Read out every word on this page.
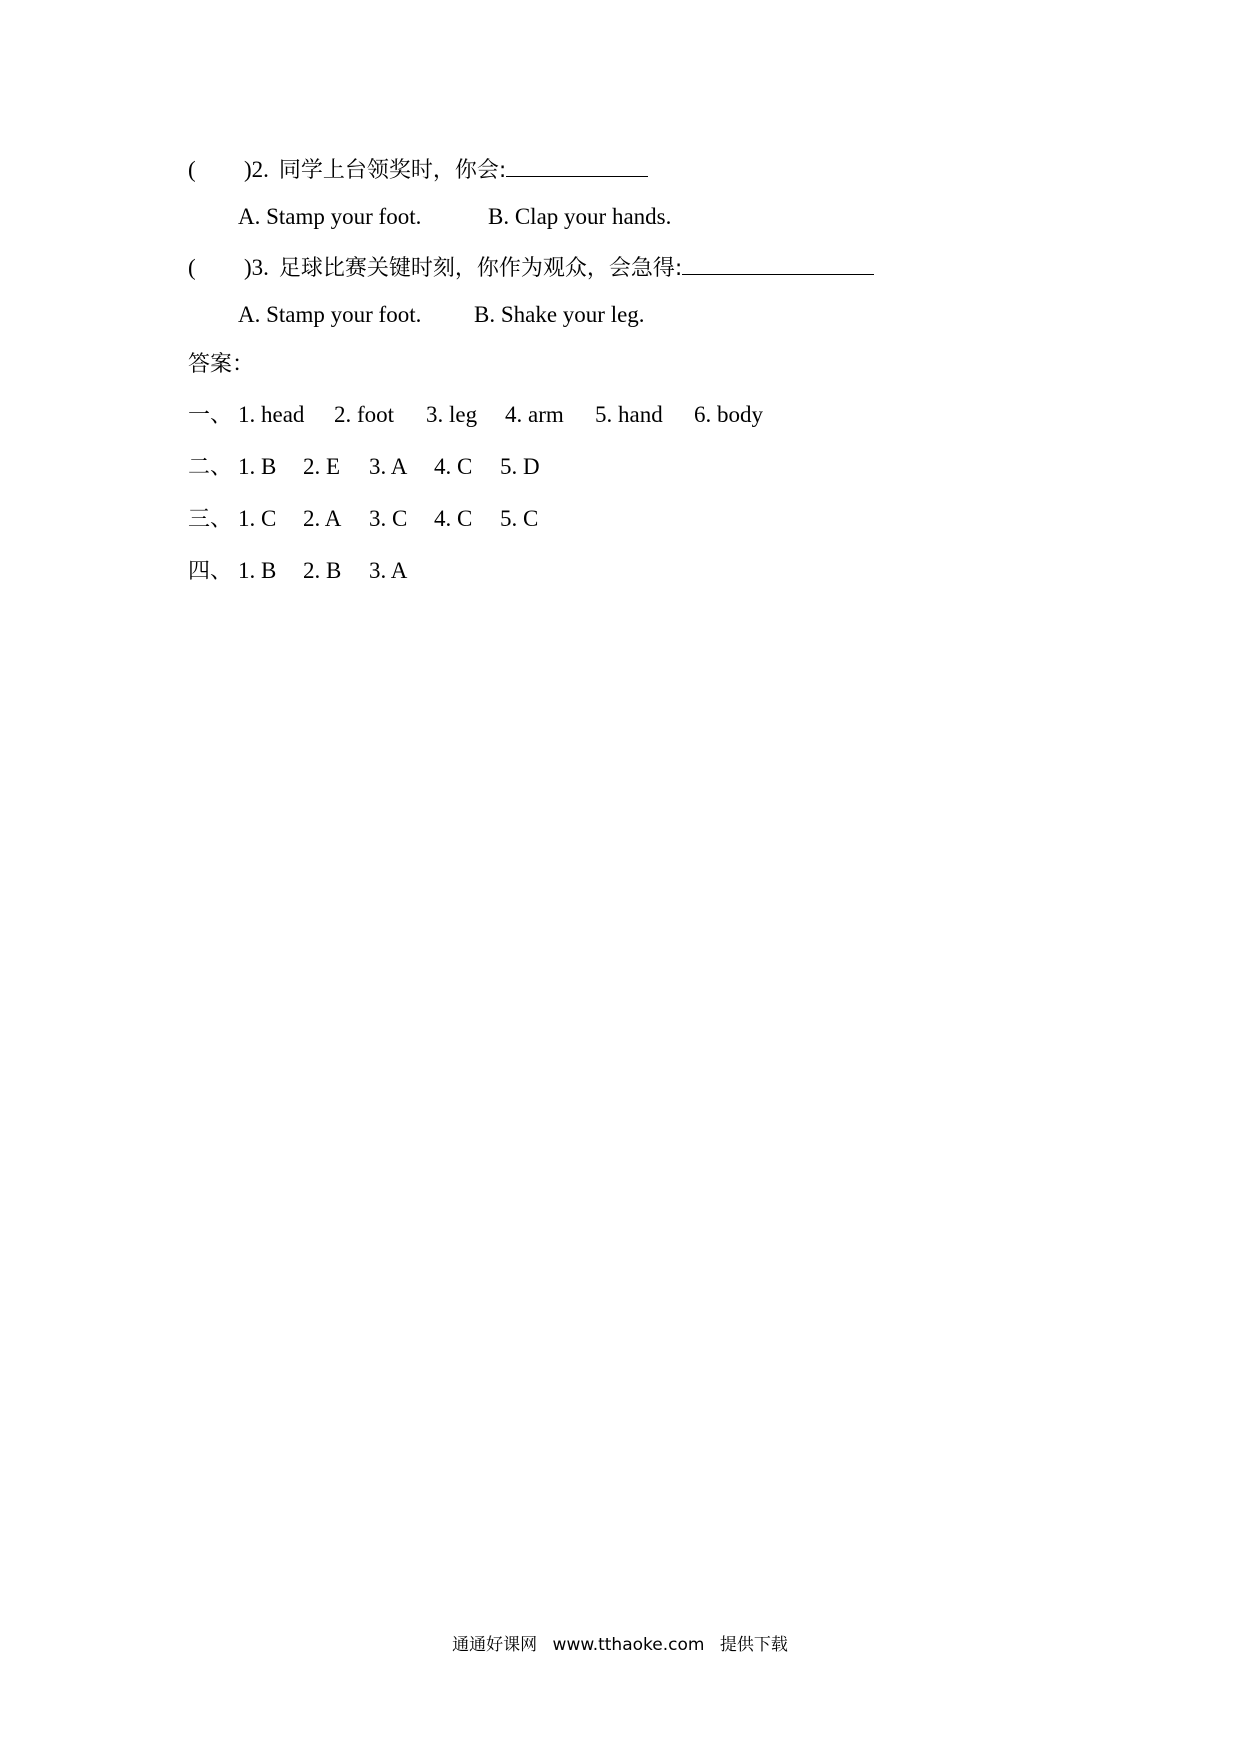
( )2. 同学上台领奖时，你会:
A. Stamp your foot.	B. Clap your hands.
( )3. 足球比赛关键时刻，你作为观众，会急得:
A. Stamp your foot. B. Shake your leg.
答案：
一、 1. head 2. foot 3. leg 4. arm 5. hand 6. body
二、 1. B 2. E 3. A 4. C 5. D
三、 1. C 2. A 3. C 4. C 5. C
四、 1. B 2. B 3. A
通通好课网 www.tthaoke.com 提供下载
